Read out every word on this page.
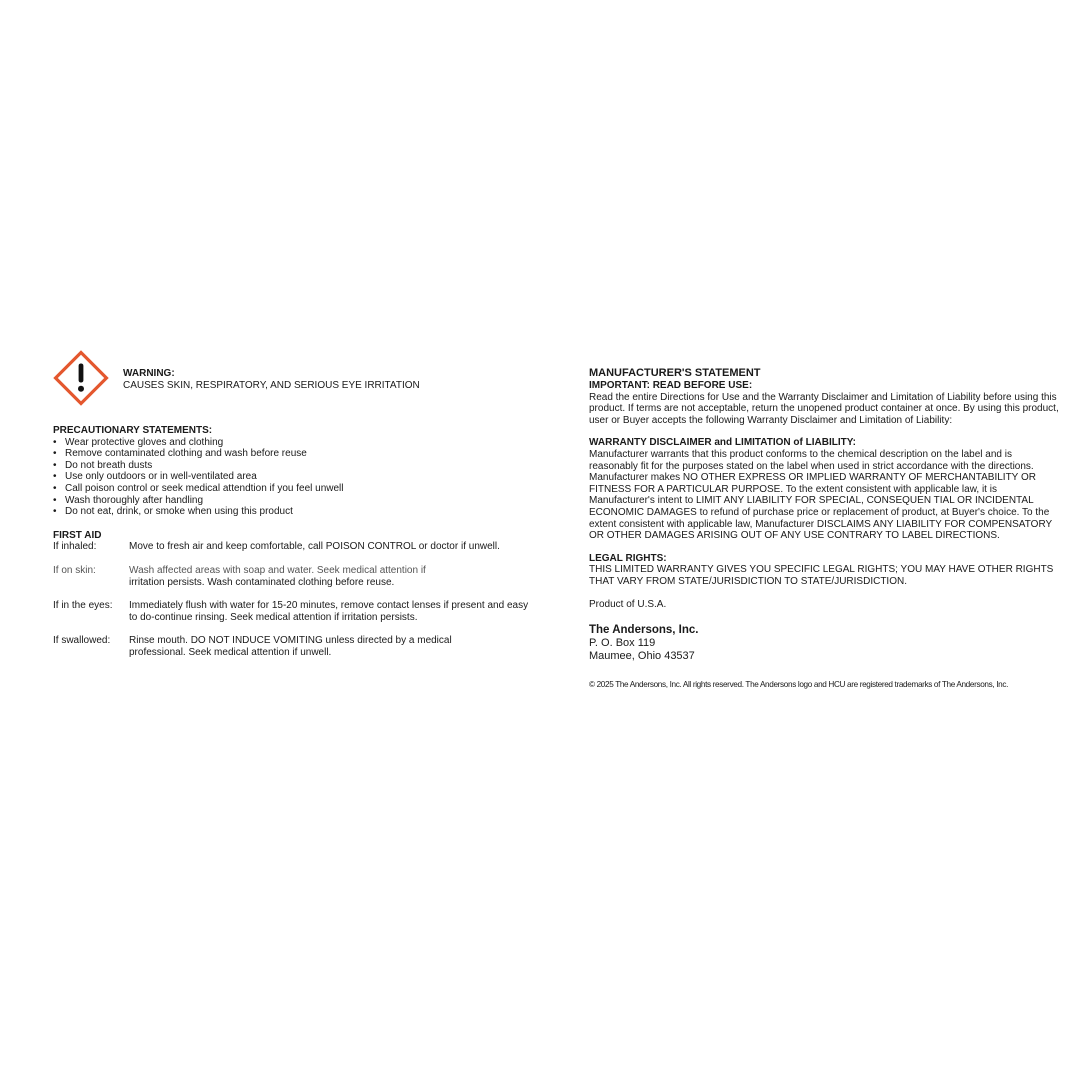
WARNING:
CAUSES SKIN, RESPIRATORY, AND SERIOUS EYE IRRITATION
PRECAUTIONARY STATEMENTS:
• Wear protective gloves and clothing
• Remove contaminated clothing and wash before reuse
• Do not breath dusts
• Use only outdoors or in well-ventilated area
• Call poison control or seek medical attendtion if you feel unwell
• Wash thoroughly after handling
• Do not eat, drink, or smoke when using this product
FIRST AID
If inhaled:	Move to fresh air and keep comfortable, call POISON CONTROL or doctor if unwell.
If on skin:	Wash affected areas with soap and water. Seek medical attention if
irritation persists. Wash contaminated clothing before reuse.
If in the eyes:	Immediately flush with water for 15-20 minutes, remove contact lenses if present and easy to do-continue rinsing. Seek medical attention if irritation persists.
If swallowed:	Rinse mouth. DO NOT INDUCE VOMITING unless directed by a medical professional. Seek medical attention if unwell.
MANUFACTURER'S STATEMENT
IMPORTANT: READ BEFORE USE:

Read the entire Directions for Use and the Warranty Disclaimer and Limitation of Liability before using this product. If terms are not acceptable, return the unopened product container at once. By using this product, user or Buyer accepts the following Warranty Disclaimer and Limitation of Liability:

WARRANTY DISCLAIMER and LIMITATION of LIABILITY:

Manufacturer warrants that this product conforms to the chemical description on the label and is reasonably fit for the purposes stated on the label when used in strict accordance with the directions. Manufacturer makes NO OTHER EXPRESS OR IMPLIED WARRANTY OF MERCHANTABILITY OR FITNESS FOR A PARTICULAR PURPOSE. To the extent consistent with applicable law, it is Manufacturer's intent to LIMIT ANY LIABILITY FOR SPECIAL, CONSEQUEN TIAL OR INCIDENTAL ECONOMIC DAMAGES to refund of purchase price or replacement of product, at Buyer's choice. To the extent consistent with applicable law, Manufacturer DISCLAIMS ANY LIABILITY FOR COMPENSATORY OR OTHER DAMAGES ARISING OUT OF ANY USE CONTRARY TO LABEL DIRECTIONS.

LEGAL RIGHTS:

THIS LIMITED WARRANTY GIVES YOU SPECIFIC LEGAL RIGHTS; YOU MAY HAVE OTHER RIGHTS THAT VARY FROM STATE/JURISDICTION TO STATE/JURISDICTION.

Product of U.S.A.
The Andersons, Inc.
P. O. Box 119
Maumee, Ohio 43537
© 2025 The Andersons, Inc. All rights reserved. The Andersons logo and HCU are registered trademarks of The Andersons, Inc.
